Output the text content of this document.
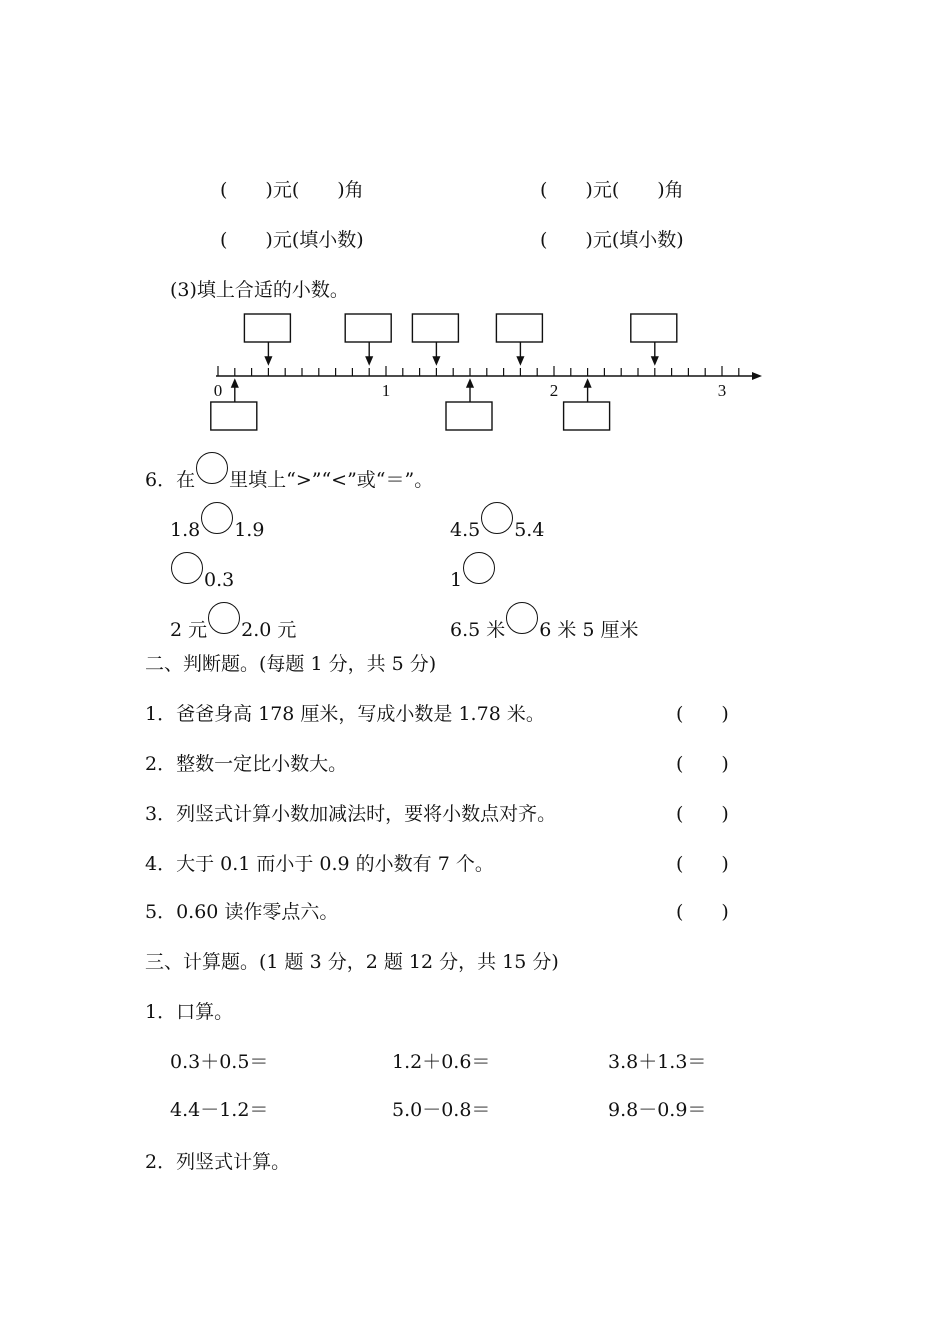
(　　)元(　　)角	(　　)元(　　)角
(　　)元(填小数)	(　　)元(填小数)
(3)填上合适的小数。
0	1	2	3
6．在 里填上“>”“<”或“＝”。
1.8 1.9	4.5 5.4
0.3	1
2 元 2.0 元	6.5 米 6 米 5 厘米
二、判断题。(每题 1 分，共 5 分)
1．爸爸身高 178 厘米，写成小数是 1.78 米。	(　　)
2．整数一定比小数大。	(　　)
3．列竖式计算小数加减法时，要将小数点对齐。	(　　)
4．大于 0.1 而小于 0.9 的小数有 7 个。	(　　)
5．0.60 读作零点六。	(　　)
三、计算题。(1 题 3 分，2 题 12 分，共 15 分)
1．口算。
0.3＋0.5＝	1.2＋0.6＝	3.8＋1.3＝
4.4－1.2＝	5.0－0.8＝	9.8－0.9＝
2．列竖式计算。
